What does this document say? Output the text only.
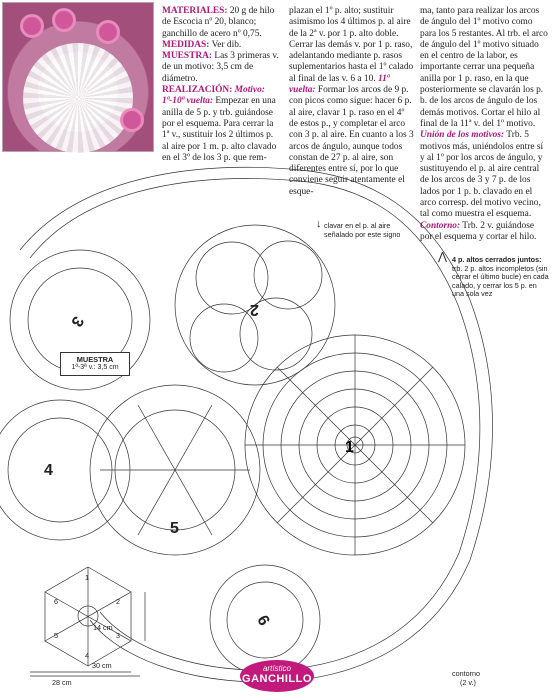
MATERIALES: 20 g de hilo de Escocia nº 20, blanco; ganchillo de acero nº 0,75.

MEDIDAS: Ver dib.

MUESTRA: Las 3 primeras v. de un motivo: 3,5 cm de diámetro.

REALIZACIÓN: Motivo: 1ª-10ª vuelta: Empezar en una anilla de 5 p. y trb. guiándose por el esquema. Para cerrar la 1ª v., sustituir los 2 últimos p. al aire por 1 m. p. alto clavado en el 3º de los 3 p. que rem-

plazan el 1º p. alto; sustituir asimismo los 4 últimos p. al aire de la 2ª v. por 1 p. alto doble. Cerrar las demás v. por 1 p. raso, adelantando mediante p. rasos suplementarios hasta el 1º calado al final de las v. 6 a 10. 11ª vuelta: Formar los arcos de 9 p. con picos como sigue: hacer 6 p. al aire, clavar 1 p. raso en el 4º de estos p., y completar el arco con 3 p. al aire. En cuanto a los 3 arcos de ángulo, aunque todos constan de 27 p. al aire, son diferentes entre sí, por lo que conviene seguir atentamente el esque-

ma, tanto para realizar los arcos de ángulo del 1º motivo como para los 5 restantes. Al trb. el arco de ángulo del 1º motivo situado en el centro de la labor, es importante cerrar una pequeña anilla por 1 p. raso, en la que posteriormente se clavarán los p. b. de los arcos de ángulo de los demás motivos. Cortar el hilo al final de la 11ª v. del 1º motivo. Unión de los motivos: Trb. 5 motivos más, uniéndolos entre sí y al 1º por los arcos de ángulo, y sustituyendo el p. al aire central de los arcos de 3 y 7 p. de los lados por 1 p. b. clavado en el arco corresp. del motivo vecino, tal como muestra el esquema. Contorno: Trb. 2 v. guiándose por el esquema y cortar el hilo.

↓ clavar en el p. al aire señalado por este signo
⋀ 4 p. altos cerrados juntos:
trb. 2 p. altos incompletos (sin cerrar el último bucle) en cada calado, y cerrar los 5 p. en una sola vez
1
2
3
4
5
6
MUESTRA
1ª-3ª v.: 3,5 cm
14 cm
28 cm
30 cm
1
2
3
4
5
6
contorno
(2 v.)
artístico
GANCHILLO
